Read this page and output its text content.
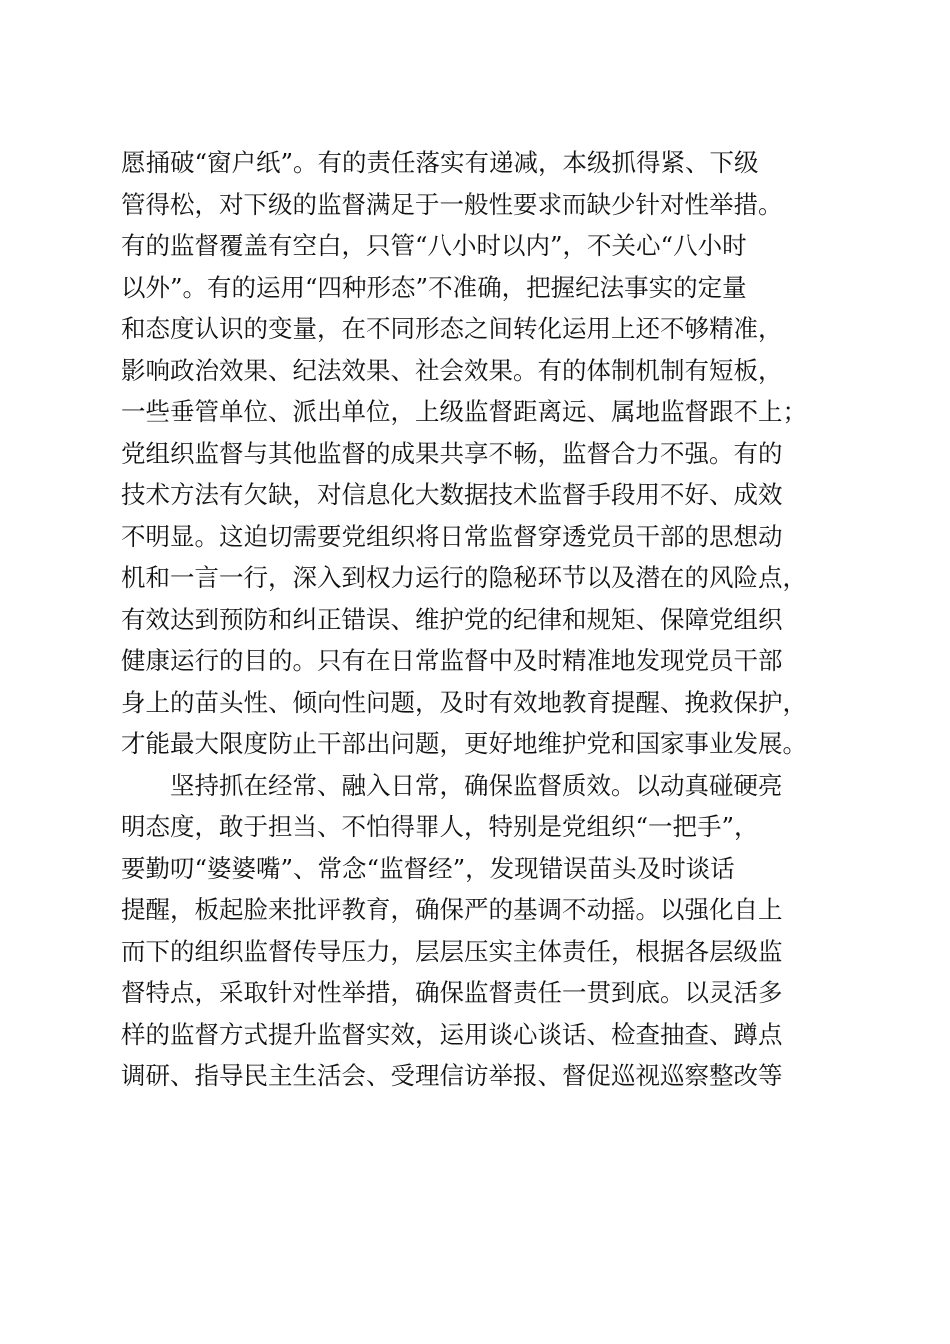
愿捅破“窗户纸”。有的责任落实有递减，本级抓得紧、下级
管得松，对下级的监督满足于一般性要求而缺少针对性举措。
有的监督覆盖有空白，只管“八小时以内”，不关心“八小时
以外”。有的运用“四种形态”不准确，把握纪法事实的定量
和态度认识的变量，在不同形态之间转化运用上还不够精准，
影响政治效果、纪法效果、社会效果。有的体制机制有短板，
一些垂管单位、派出单位，上级监督距离远、属地监督跟不上；
党组织监督与其他监督的成果共享不畅，监督合力不强。有的
技术方法有欠缺，对信息化大数据技术监督手段用不好、成效
不明显。这迫切需要党组织将日常监督穿透党员干部的思想动
机和一言一行，深入到权力运行的隐秘环节以及潜在的风险点，
有效达到预防和纠正错误、维护党的纪律和规矩、保障党组织
健康运行的目的。只有在日常监督中及时精准地发现党员干部
身上的苗头性、倾向性问题，及时有效地教育提醒、挽救保护，
才能最大限度防止干部出问题，更好地维护党和国家事业发展。
坚持抓在经常、融入日常，确保监督质效。以动真碰硬亮
明态度，敢于担当、不怕得罪人，特别是党组织“一把手”，
要勤叨“婆婆嘴”、常念“监督经”，发现错误苗头及时谈话
提醒，板起脸来批评教育，确保严的基调不动摇。以强化自上
而下的组织监督传导压力，层层压实主体责任，根据各层级监
督特点，采取针对性举措，确保监督责任一贯到底。以灵活多
样的监督方式提升监督实效，运用谈心谈话、检查抽查、蹲点
调研、指导民主生活会、受理信访举报、督促巡视巡察整改等
